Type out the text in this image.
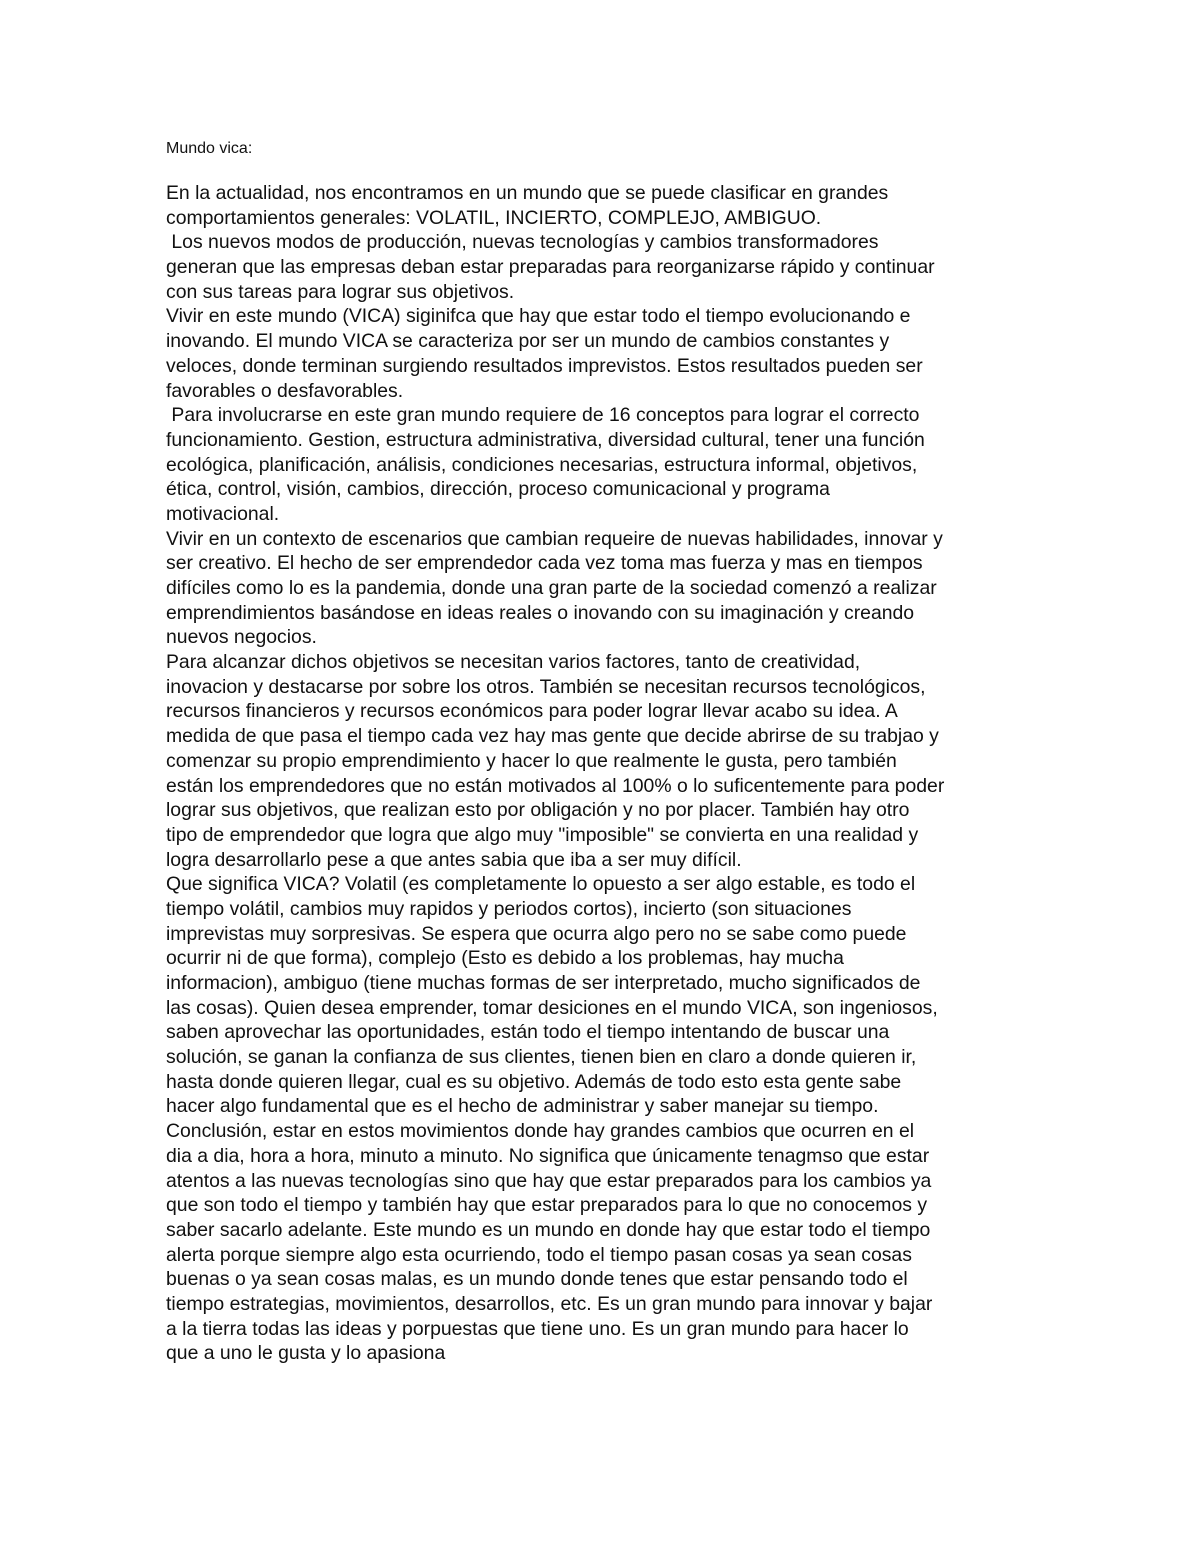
Mundo vica:
En la actualidad, nos encontramos en un mundo que se puede clasificar en grandes
comportamientos generales: VOLATIL, INCIERTO, COMPLEJO, AMBIGUO.
Los nuevos modos de producción, nuevas tecnologías y cambios transformadores
generan que las empresas deban estar preparadas para reorganizarse rápido y continuar
con sus tareas para lograr sus objetivos.
Vivir en este mundo (VICA) siginifca que hay que estar todo el tiempo evolucionando e
inovando. El mundo VICA se caracteriza por ser un mundo de cambios constantes y
veloces, donde terminan surgiendo resultados imprevistos. Estos resultados pueden ser
favorables o desfavorables.
Para involucrarse en este gran mundo requiere de 16 conceptos para lograr el correcto
funcionamiento. Gestion, estructura administrativa, diversidad cultural, tener una función
ecológica, planificación, análisis, condiciones necesarias, estructura informal, objetivos,
ética, control, visión, cambios, dirección, proceso comunicacional y programa
motivacional.
Vivir en un contexto de escenarios que cambian requeire de nuevas habilidades, innovar y
ser creativo. El hecho de ser emprendedor cada vez toma mas fuerza y mas en tiempos
difíciles como lo es la pandemia, donde una gran parte de la sociedad comenzó a realizar
emprendimientos basándose en ideas reales o inovando con su imaginación y creando
nuevos negocios.
Para alcanzar dichos objetivos se necesitan varios factores, tanto de creatividad,
inovacion y destacarse por sobre los otros. También se necesitan recursos tecnológicos,
recursos financieros y recursos económicos para poder lograr llevar acabo su idea. A
medida de que pasa el tiempo cada vez hay mas gente que decide abrirse de su trabjao y
comenzar su propio emprendimiento y hacer lo que realmente le gusta, pero también
están los emprendedores que no están motivados al 100% o lo suficentemente para poder
lograr sus objetivos, que realizan esto por obligación y no por placer. También hay otro
tipo de emprendedor que logra que algo muy "imposible" se convierta en una realidad y
logra desarrollarlo pese a que antes sabia que iba a ser muy difícil.
Que significa VICA? Volatil (es completamente lo opuesto a ser algo estable, es todo el
tiempo volátil, cambios muy rapidos y periodos cortos), incierto (son situaciones
imprevistas muy sorpresivas. Se espera que ocurra algo pero no se sabe como puede
ocurrir ni de que forma), complejo (Esto es debido a los problemas, hay mucha
informacion), ambiguo (tiene muchas formas de ser interpretado, mucho significados de
las cosas). Quien desea emprender, tomar desiciones en el mundo VICA, son ingeniosos,
saben aprovechar las oportunidades, están todo el tiempo intentando de buscar una
solución, se ganan la confianza de sus clientes, tienen bien en claro a donde quieren ir,
hasta donde quieren llegar, cual es su objetivo. Además de todo esto esta gente sabe
hacer algo fundamental que es el hecho de administrar y saber manejar su tiempo.
Conclusión, estar en estos movimientos donde hay grandes cambios que ocurren en el
dia a dia, hora a hora, minuto a minuto. No significa que únicamente tenagmso que estar
atentos a las nuevas tecnologías sino que hay que estar preparados para los cambios ya
que son todo el tiempo y también hay que estar preparados para lo que no conocemos y
saber sacarlo adelante. Este mundo es un mundo en donde hay que estar todo el tiempo
alerta porque siempre algo esta ocurriendo, todo el tiempo pasan cosas ya sean cosas
buenas o ya sean cosas malas, es un mundo donde tenes que estar pensando todo el
tiempo estrategias, movimientos, desarrollos, etc. Es un gran mundo para innovar y bajar
a la tierra todas las ideas y porpuestas que tiene uno. Es un gran mundo para hacer lo
que a uno le gusta y lo apasiona
